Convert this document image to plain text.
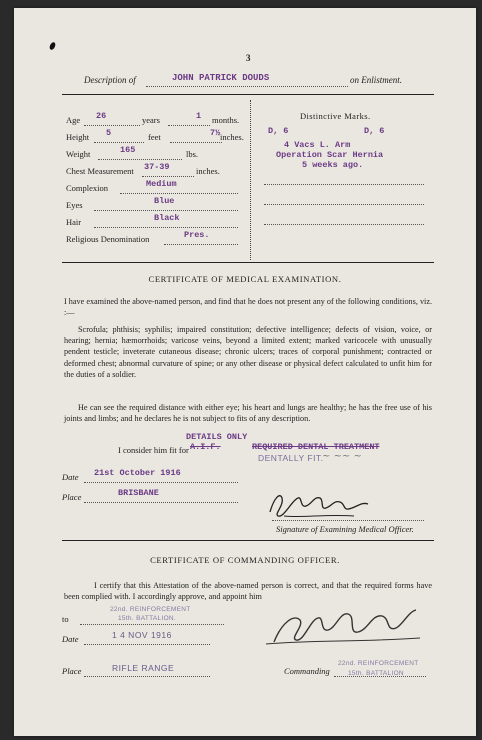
3
Description of	JOHN PATRICK DOUDS	on Enlistment.
Age 26	years	1 months.
Height 5	feet	7½ inches.
Weight	165	lbs.
Chest Measurement 37-39	inches.
Complexion	Medium
Eyes	Blue
Hair	Black
Religious Denomination	Pres.
Distinctive Marks.
D, 6	D, 6
4 Vacs L. Arm
Operation Scar Hernia
5 weeks ago.
CERTIFICATE OF MEDICAL EXAMINATION.
I have examined the above-named person, and find that he does not present any of the following conditions, viz. :—
Scrofula; phthisis; syphilis; impaired constitution; defective intelligence; defects of vision, voice, or hearing; hernia; hæmorrhoids; varicose veins, beyond a limited extent; marked varicocele with unusually pendent testicle; inveterate cutaneous disease; chronic ulcers; traces of corporal punishment; contracted or deformed chest; abnormal curvature of spine; or any other disease or physical defect calculated to unfit him for the duties of a soldier.
He can see the required distance with either eye; his heart and lungs are healthy; he has the free use of his joints and limbs; and he declares he is not subject to fits of any description.
DETAILS ONLY
I consider him fit for A.I.F.	REQUIRED DENTAL TREATMENT
DENTALLY FIT.
~ ~~ ~
Date 21st October 1916
Place	BRISBANE
Signature of Examining Medical Officer.
CERTIFICATE OF COMMANDING OFFICER.
I certify that this Attestation of the above-named person is correct, and that the required forms have been complied with. I accordingly approve, and appoint him
to
22nd. REINFORCEMENT
15th. BATTALION.
Date	1 4 NOV 1916
Place	RIFLE RANGE	Commanding
22nd. REINFORCEMENT
15th. BATTALION
